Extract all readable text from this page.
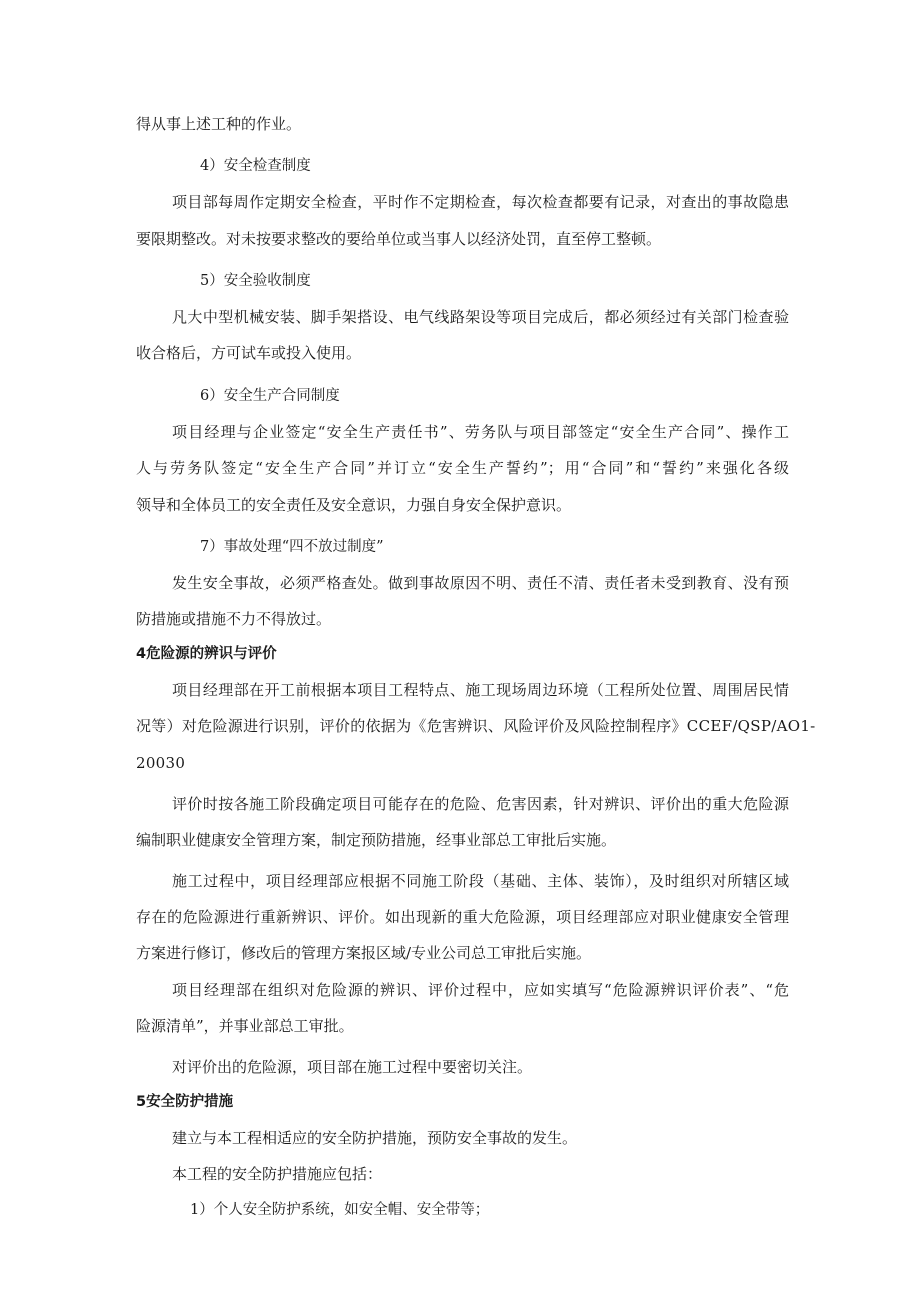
得从事上述工种的作业。

4）安全检查制度

项目部每周作定期安全检查，平时作不定期检查，每次检查都要有记录，对查出的事故隐患

要限期整改。对未按要求整改的要给单位或当事人以经济处罚，直至停工整顿。

5）安全验收制度

凡大中型机械安装、脚手架搭设、电气线路架设等项目完成后，都必须经过有关部门检查验

收合格后，方可试车或投入使用。

6）安全生产合同制度

项目经理与企业签定“安全生产责任书”、劳务队与项目部签定“安全生产合同”、操作工

人与劳务队签定“安全生产合同”并订立“安全生产誓约”；用“合同”和“誓约”来强化各级

领导和全体员工的安全责任及安全意识，力强自身安全保护意识。

7）事故处理“四不放过制度”

发生安全事故，必须严格查处。做到事故原因不明、责任不清、责任者未受到教育、没有预

防措施或措施不力不得放过。

4危险源的辨识与评价

项目经理部在开工前根据本项目工程特点、施工现场周边环境（工程所处位置、周围居民情

况等）对危险源进行识别，评价的依据为《危害辨识、风险评价及风险控制程序》CCEF/QSP/AO1-

20030

评价时按各施工阶段确定项目可能存在的危险、危害因素，针对辨识、评价出的重大危险源

编制职业健康安全管理方案，制定预防措施，经事业部总工审批后实施。

施工过程中，项目经理部应根据不同施工阶段（基础、主体、装饰），及时组织对所辖区域

存在的危险源进行重新辨识、评价。如出现新的重大危险源，项目经理部应对职业健康安全管理

方案进行修订，修改后的管理方案报区域/专业公司总工审批后实施。

项目经理部在组织对危险源的辨识、评价过程中，应如实填写“危险源辨识评价表”、“危

险源清单”，并事业部总工审批。

对评价出的危险源，项目部在施工过程中要密切关注。

5安全防护措施

建立与本工程相适应的安全防护措施，预防安全事故的发生。

本工程的安全防护措施应包括：

1）个人安全防护系统，如安全帽、安全带等；
